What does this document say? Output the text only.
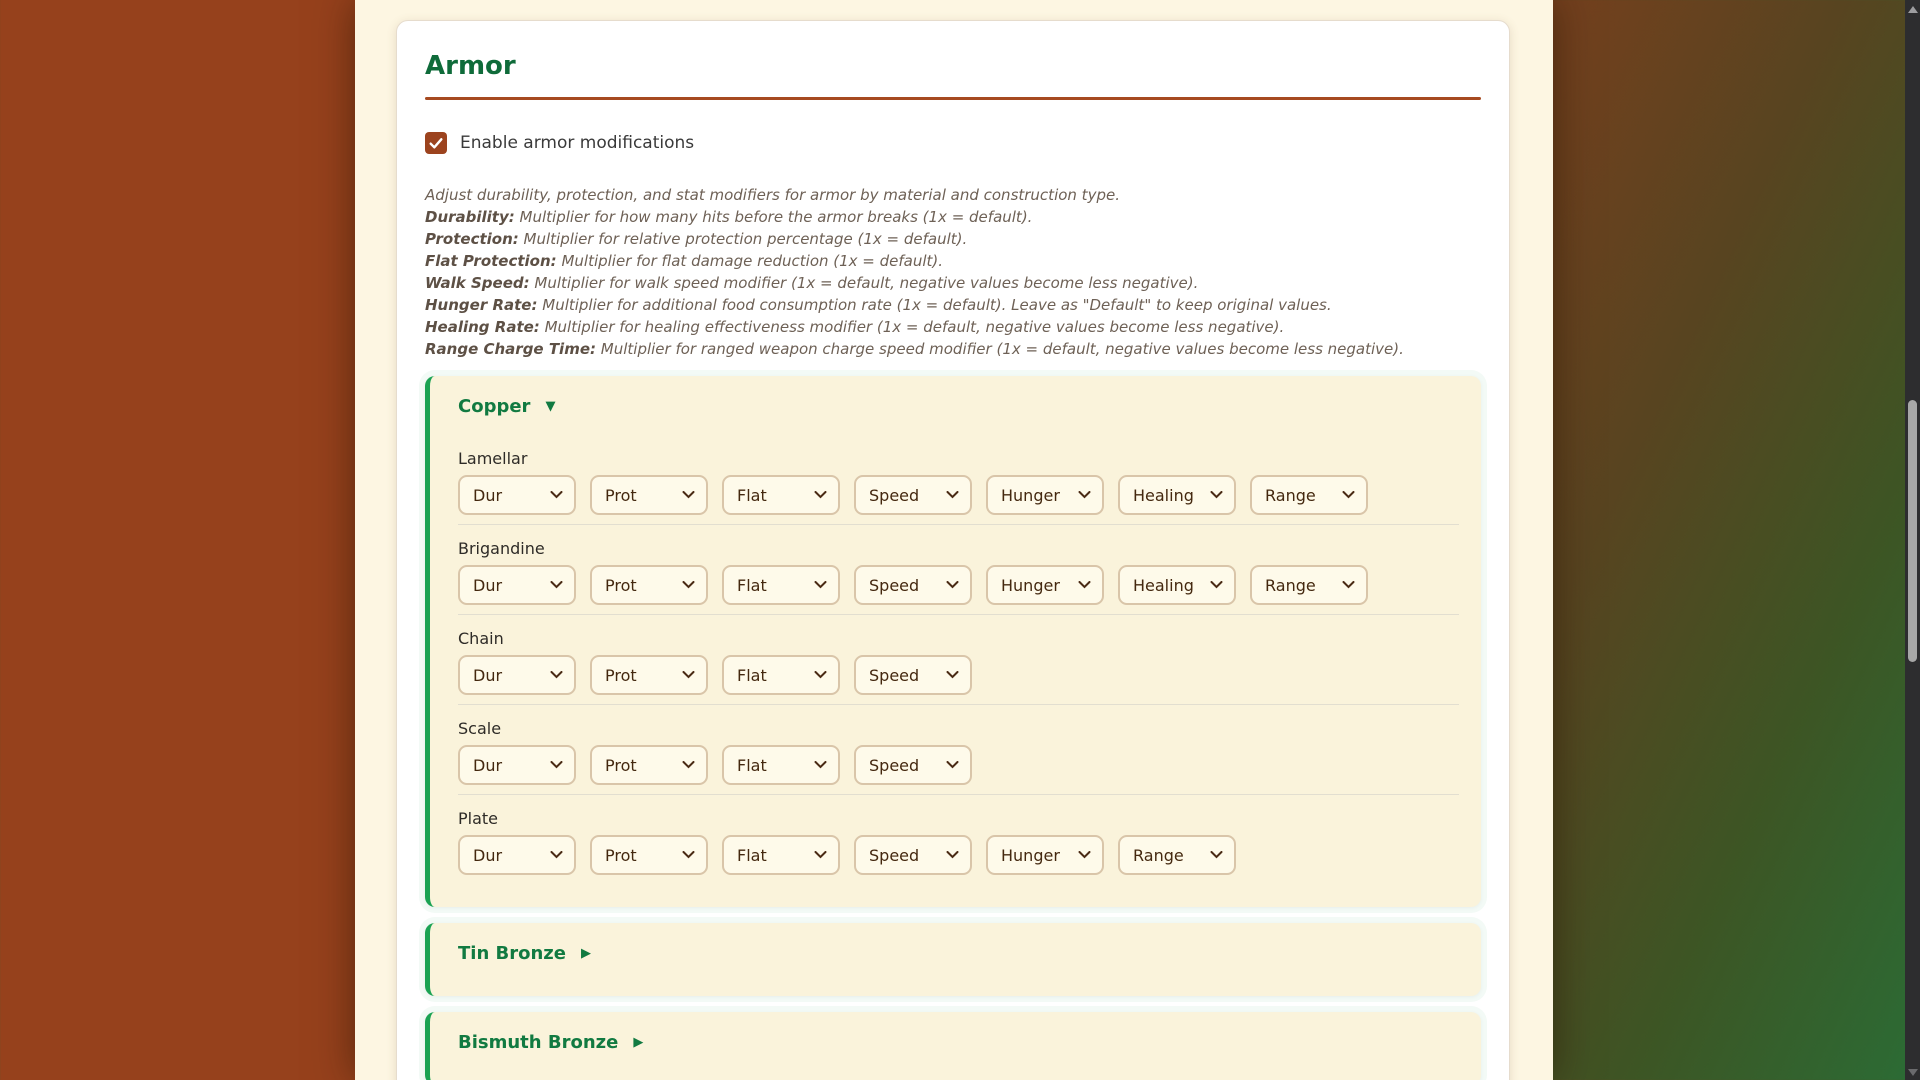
Armor
Enable armor modifications

Adjust durability, protection, and stat modifiers for armor by material and construction type.

Durability: Multiplier for how many hits before the armor breaks (1x = default).

Protection: Multiplier for relative protection percentage (1x = default).

Flat Protection: Multiplier for flat damage reduction (1x = default).

Walk Speed: Multiplier for walk speed modifier (1x = default, negative values become less negative).

Hunger Rate: Multiplier for additional food consumption rate (1x = default). Leave as "Default" to keep original values.

Healing Rate: Multiplier for healing effectiveness modifier (1x = default, negative values become less negative).

Range Charge Time: Multiplier for ranged weapon charge speed modifier (1x = default, negative values become less negative).

Copper ▼
Lamellar
Dur	Prot	Flat	Speed	Hunger	Healing	Range
Brigandine
Dur	Prot	Flat	Speed	Hunger	Healing	Range
Chain
Dur	Prot	Flat	Speed
Scale
Dur	Prot	Flat	Speed
Plate
Dur	Prot	Flat	Speed	Hunger	Range
Tin Bronze ▶
Bismuth Bronze ▶
